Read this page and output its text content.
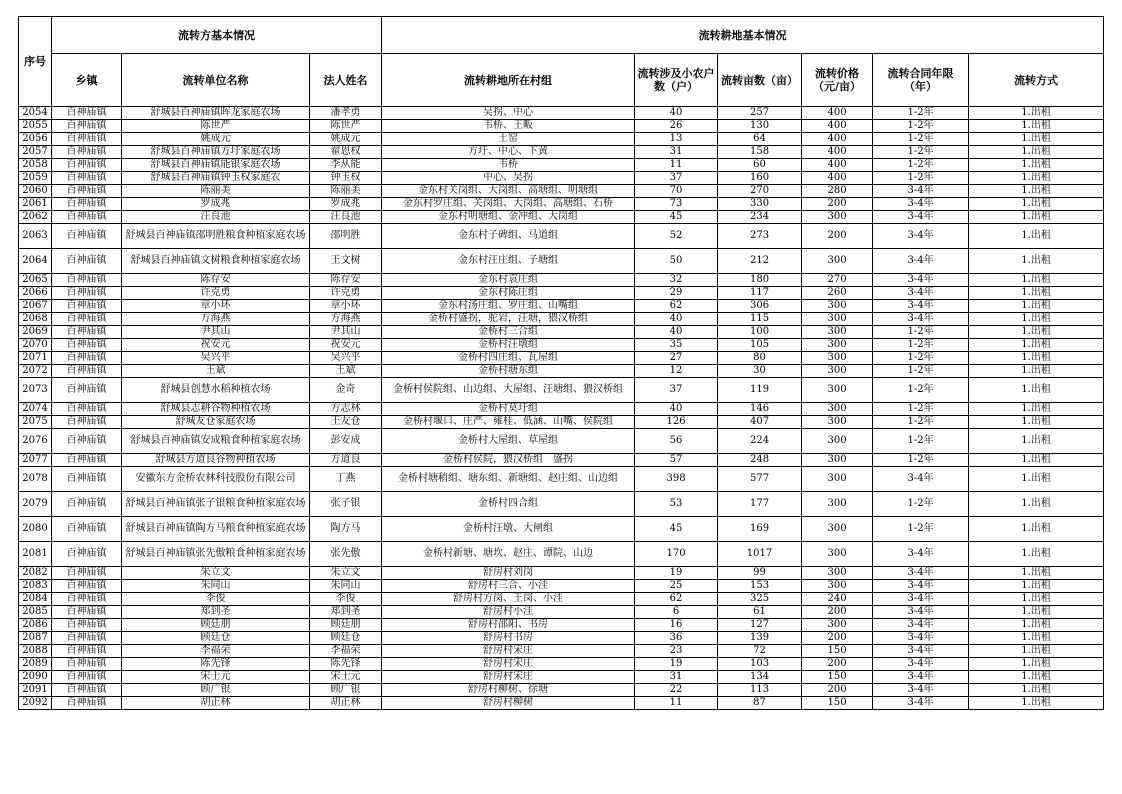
序号	流转方基本情况			流转耕地基本情况					
	乡镇	流转单位名称	法人姓名	流转耕地所在村组	流转涉及小农户数（户）	流转亩数（亩）	流转价格（元/亩）	流转合同年限（年）	流转方式
2054	百神庙镇	舒城县百神庙镇晖龙家庭农场	潘孝勇	吴拐、中心	40	257	400	1-2年	1.出租
2055	百神庙镇	陈世严	陈世严	韦桥、王畈	26	130	400	1-2年	1.出租
2056	百神庙镇	姚成元	姚成元	土窑	13	64	400	1-2年	1.出租
2057	百神庙镇	舒城县百神庙镇方圩家庭农场	翟恩权	方圩、中心、下黄	31	158	400	1-2年	1.出租
2058	百神庙镇	舒城县百神庙镇能银家庭农场	李从能	韦桥	11	60	400	1-2年	1.出租
2059	百神庙镇	舒城县百神庙镇钟玉权家庭农	钟玉权	中心、吴拐	37	160	400	1-2年	1.出租
2060	百神庙镇	陈丽美	陈丽美	金东村关岗组、大岗组、高塘组、明塘组	70	270	280	3-4年	1.出租
2061	百神庙镇	罗成兆	罗成兆	金东村罗庄组、关岗组、大岗组、高塘组、石桥	73	330	200	3-4年	1.出租
2062	百神庙镇	汪良池	汪良池	金东村明塘组、金冲组、大岗组	45	234	300	3-4年	1.出租
2063	百神庙镇	舒城县百神庙镇邵明胜粮食种植家庭农场	邵明胜	金东村子碑组、马道组	52	273	200	3-4年	1.出租
2064	百神庙镇	舒城县百神庙镇文树粮食种植家庭农场	王文树	金东村汪庄组、子塘组	50	212	300	3-4年	1.出租
2065	百神庙镇	陈存安	陈存安	金东村袁庄组	32	180	270	3-4年	1.出租
2066	百神庙镇	许克勇	许克勇	金东村陈庄组	29	117	260	3-4年	1.出租
2067	百神庙镇	章小环	章小环	金东村汤庄组、罗庄组、山嘴组	62	306	300	3-4年	1.出租
2068	百神庙镇	方海燕	方海燕	金桥村盛拐，驼岩，汪塘，猥汉桥组	40	115	300	3-4年	1.出租
2069	百神庙镇	尹其山	尹其山	金桥村三合组	40	100	300	1-2年	1.出租
2070	百神庙镇	祝安元	祝安元	金桥村汪墩组	35	105	300	1-2年	1.出租
2071	百神庙镇	吴兴平	吴兴平	金桥村四庄组、瓦屋组	27	80	300	1-2年	1.出租
2072	百神庙镇	王斌	王斌	金桥村塘东组	12	30	300	1-2年	1.出租
2073	百神庙镇	舒城县创慧水稻种植农场	金奇	金桥村侯院组、山边组、大屋组、汪塘组、猥汉桥组	37	119	300	1-2年	1.出租
2074	百神庙镇	舒城县志耕谷物种植农场	方志林	金桥村莫圩组	40	146	300	1-2年	1.出租
2075	百神庙镇	舒城友仓家庭农场	王友仓	金桥村堰口、庄严、雍桂、低涵、山嘴、侯院组	126	407	300	1-2年	1.出租
2076	百神庙镇	舒城县百神庙镇安成粮食种植家庭农场	彭安成	金桥村大屋组、草屋组	56	224	300	1-2年	1.出租
2077	百神庙镇	舒城县方道良谷物种植农场	方道良	金桥村侯院，猥汉桥组　盛拐	57	248	300	1-2年	1.出租
2078	百神庙镇	安徽东方金桥农林科技股份有限公司	丁燕	金桥村塘稍组、塘东组、新塘组、赵庄组、山边组	398	577	300	3-4年	1.出租
2079	百神庙镇	舒城县百神庙镇张子银粮食种植家庭农场	张子银	金桥村四合组	53	177	300	1-2年	1.出租
2080	百神庙镇	舒城县百神庙镇陶方马粮食种植家庭农场	陶方马	金桥村汪墩、大闸组	45	169	300	1-2年	1.出租
2081	百神庙镇	舒城县百神庙镇张先傲粮食种植家庭农场	张先傲	金桥村新塘、塘坎、赵庄、谭院、山边	170	1017	300	3-4年	1.出租
2082	百神庙镇	朱立文	朱立文	舒房村刘岗	19	99	300	3-4年	1.出租
2083	百神庙镇	朱同山	朱同山	舒房村三合、小洼	25	153	300	3-4年	1.出租
2084	百神庙镇	李俊	李俊	舒房村方岗、王岗、小洼	62	325	240	3-4年	1.出租
2085	百神庙镇	郑到圣	郑到圣	舒房村小洼	6	61	200	3-4年	1.出租
2086	百神庙镇	顾廷朋	顾廷朋	舒房村邵阳、书房	16	127	300	3-4年	1.出租
2087	百神庙镇	顾廷仓	顾廷仓	舒房村书房	36	139	200	3-4年	1.出租
2088	百神庙镇	李福荣	李福荣	舒房村宋庄	23	72	150	3-4年	1.出租
2089	百神庙镇	陈先锋	陈先锋	舒房村宋庄	19	103	200	3-4年	1.出租
2090	百神庙镇	宋士元	宋士元	舒房村宋庄	31	134	150	3-4年	1.出租
2091	百神庙镇	顾广银	顾广银	舒房村柳树、徐塘	22	113	200	3-4年	1.出租
2092	百神庙镇	胡正林	胡正林	舒房村柳树	11	87	150	3-4年	1.出租
